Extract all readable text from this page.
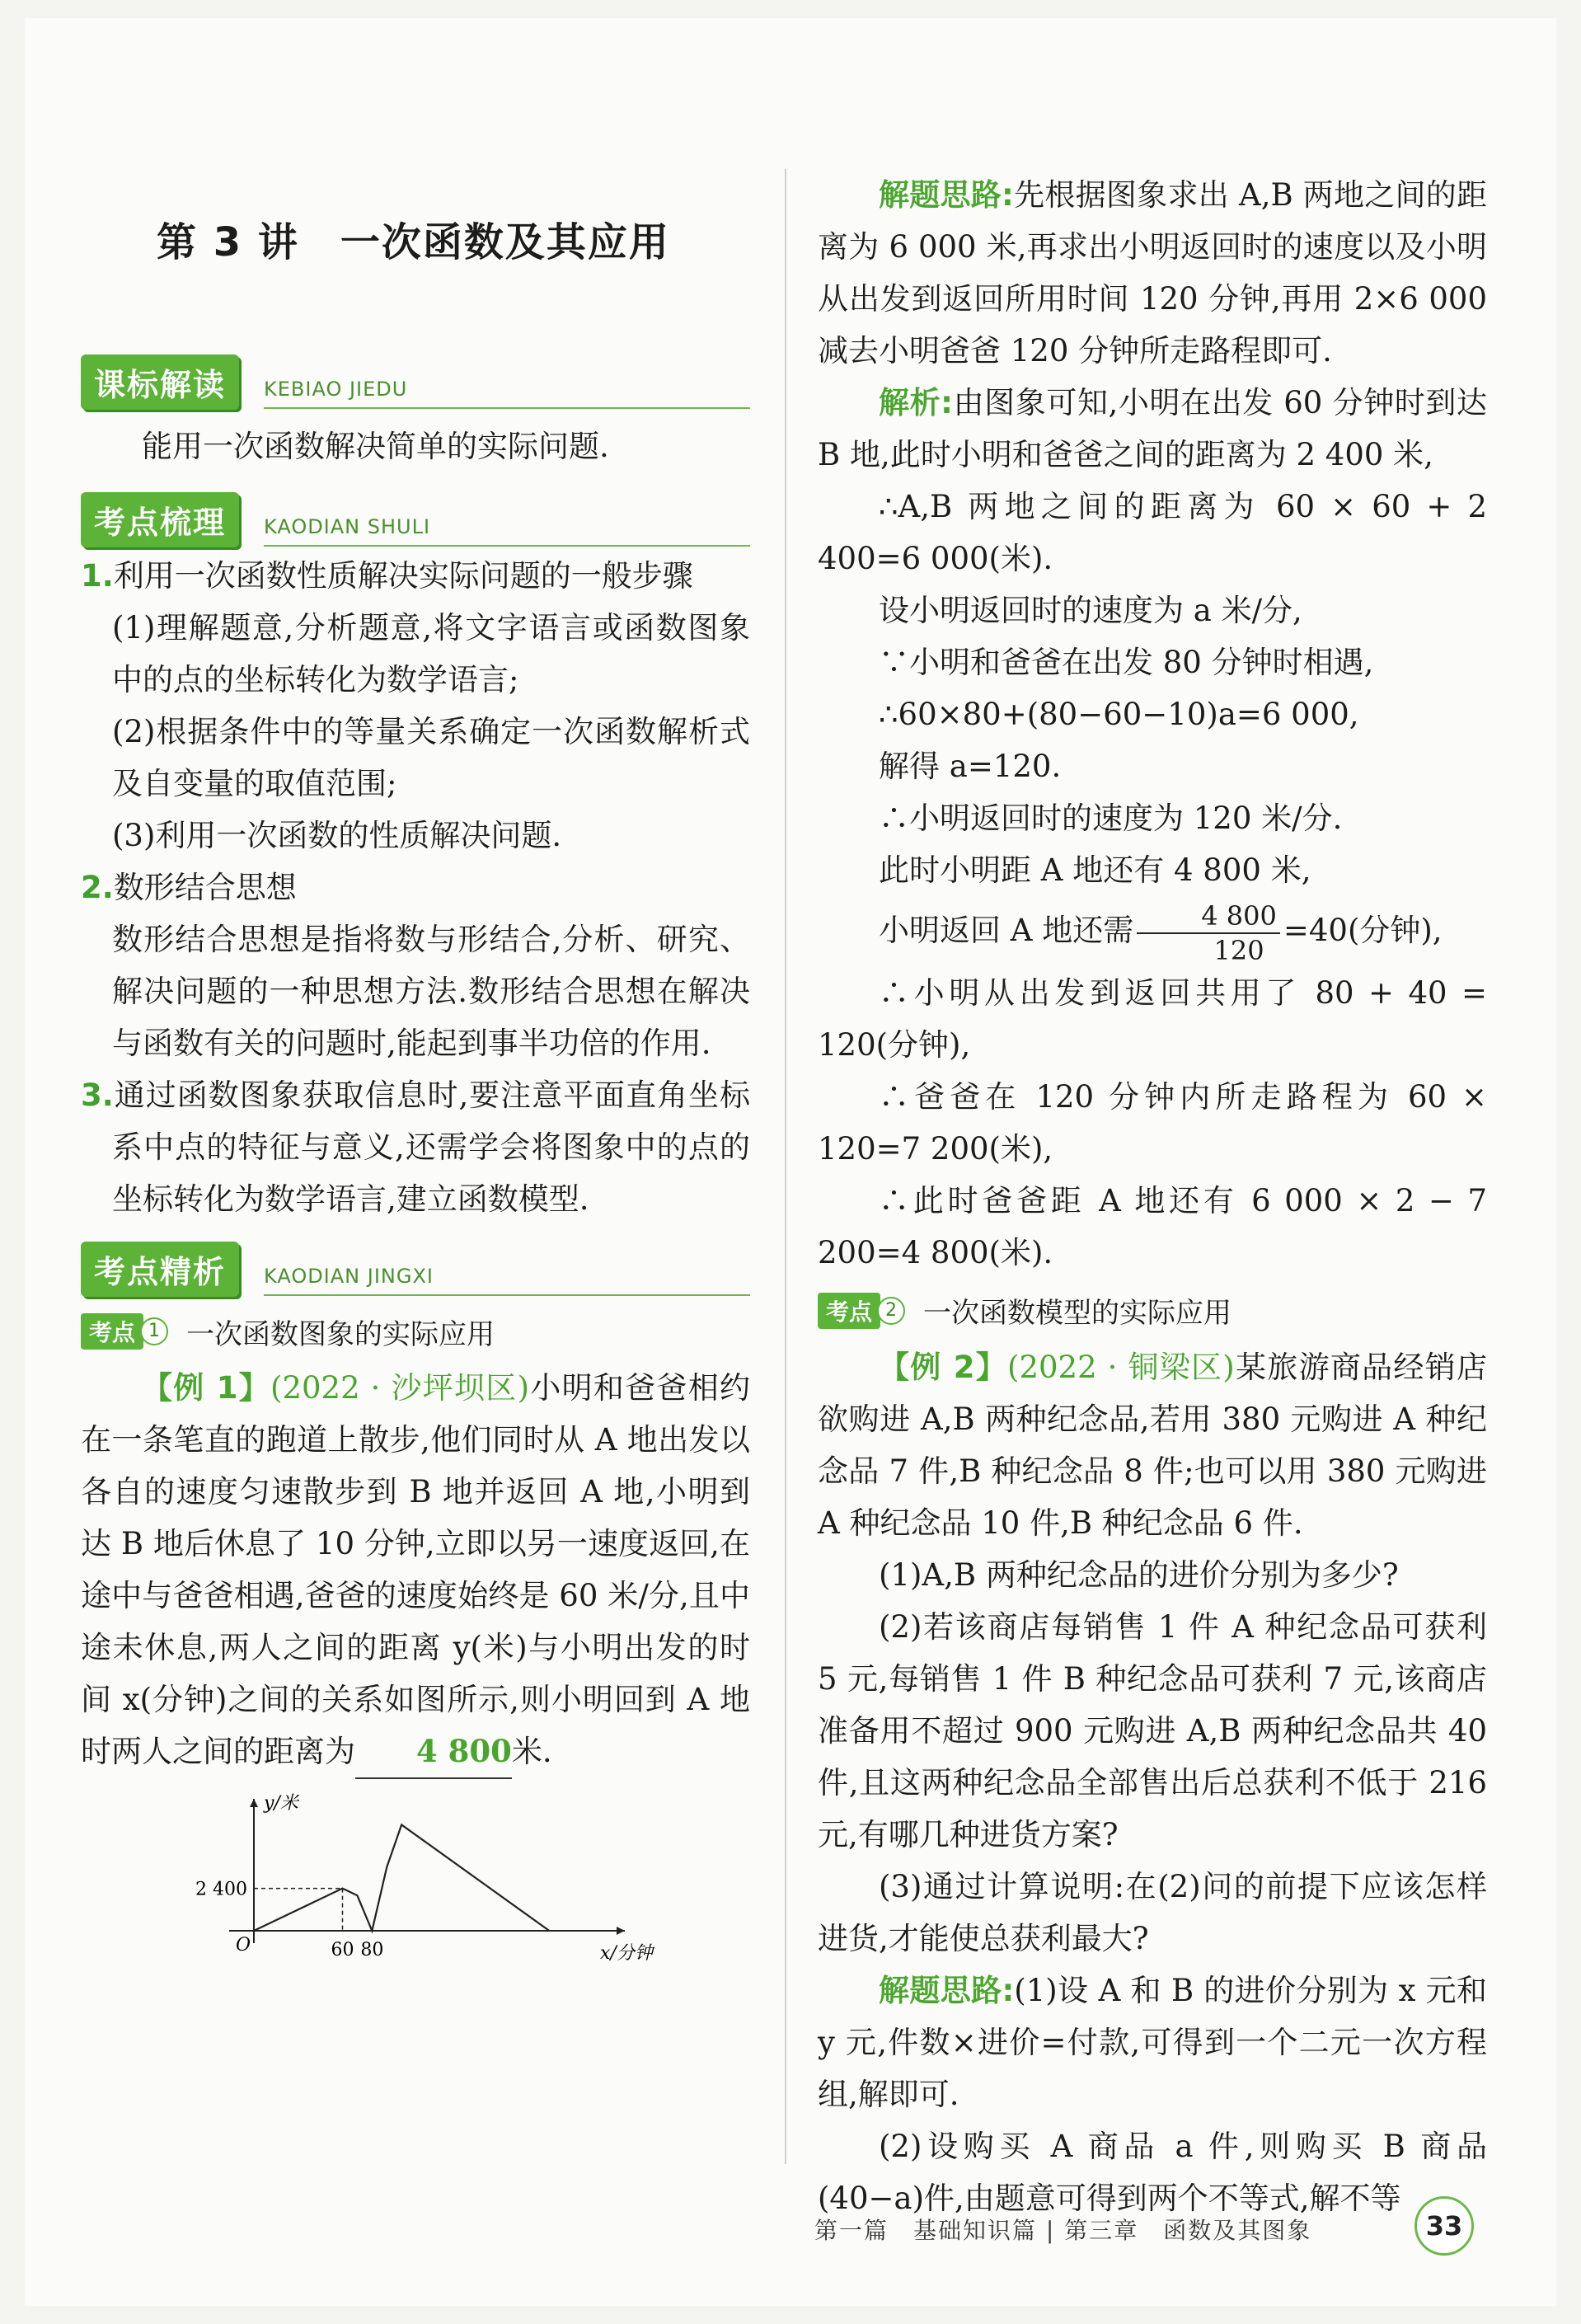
第 3 讲 一次函数及其应用
课标解读	KEBIAO JIEDU

能用一次函数解决简单的实际问题.

考点梳理	KAODIAN SHULI

1.利用一次函数性质解决实际问题的一般步骤

(1)理解题意,分析题意,将文字语言或函数图象中的点的坐标转化为数学语言;

(2)根据条件中的等量关系确定一次函数解析式及自变量的取值范围;

(3)利用一次函数的性质解决问题.

2.数形结合思想

数形结合思想是指将数与形结合,分析、研究、解决问题的一种思想方法.数形结合思想在解决与函数有关的问题时,能起到事半功倍的作用.

3.通过函数图象获取信息时,要注意平面直角坐标系中点的特征与意义,还需学会将图象中的点的坐标转化为数学语言,建立函数模型.

考点精析	KAODIAN JINGXI
考点 1 一次函数图象的实际应用

【例 1】(2022 · 沙坪坝区)小明和爸爸相约在一条笔直的跑道上散步,他们同时从 A 地出发以各自的速度匀速散步到 B 地并返回 A 地,小明到达 B 地后休息了 10 分钟,立即以另一速度返回,在途中与爸爸相遇,爸爸的速度始终是 60 米/分,且中途未休息,两人之间的距离 y(米)与小明出发的时间 x(分钟)之间的关系如图所示,则小明回到 A 地时两人之间的距离为 4 800米.

y/米
x/分钟
O
2 400
60 80

解题思路:先根据图象求出 A,B 两地之间的距离为 6 000 米,再求出小明返回时的速度以及小明从出发到返回所用时间 120 分钟,再用 2×6 000 减去小明爸爸 120 分钟所走路程即可.

解析:由图象可知,小明在出发 60 分钟时到达 B 地,此时小明和爸爸之间的距离为 2 400 米,

∴A,B 两地之间的距离为 60 × 60 + 2 400=6 000(米).

设小明返回时的速度为 a 米/分,

∵小明和爸爸在出发 80 分钟时相遇,

∴60×80+(80−60−10)a=6 000,

解得 a=120.

∴小明返回时的速度为 120 米/分.

此时小明距 A 地还有 4 800 米,

小明返回 A 地还需 $\frac{4 800}{120} =40$(分钟),

∴小明从出发到返回共用了 80 + 40 = 120(分钟),

∴爸爸在 120 分钟内所走路程为 60 × 120=7 200(米),

∴此时爸爸距 A 地还有 6 000 × 2 − 7 200=4 800(米).

考点 2 一次函数模型的实际应用

【例 2】(2022 · 铜梁区)某旅游商品经销店欲购进 A,B 两种纪念品,若用 380 元购进 A 种纪念品 7 件,B 种纪念品 8 件;也可以用 380 元购进 A 种纪念品 10 件,B 种纪念品 6 件.

(1)A,B 两种纪念品的进价分别为多少?

(2)若该商店每销售 1 件 A 种纪念品可获利 5 元,每销售 1 件 B 种纪念品可获利 7 元,该商店准备用不超过 900 元购进 A,B 两种纪念品共 40 件,且这两种纪念品全部售出后总获利不低于 216 元,有哪几种进货方案?

(3)通过计算说明:在(2)问的前提下应该怎样进货,才能使总获利最大?

解题思路:(1)设 A 和 B 的进价分别为 x 元和 y 元,件数×进价=付款,可得到一个二元一次方程组,解即可.

(2)设购买 A 商品 a 件,则购买 B 商品(40−a)件,由题意可得到两个不等式,解不等

第一篇　基础知识篇 | 第三章　函数及其图象	33
